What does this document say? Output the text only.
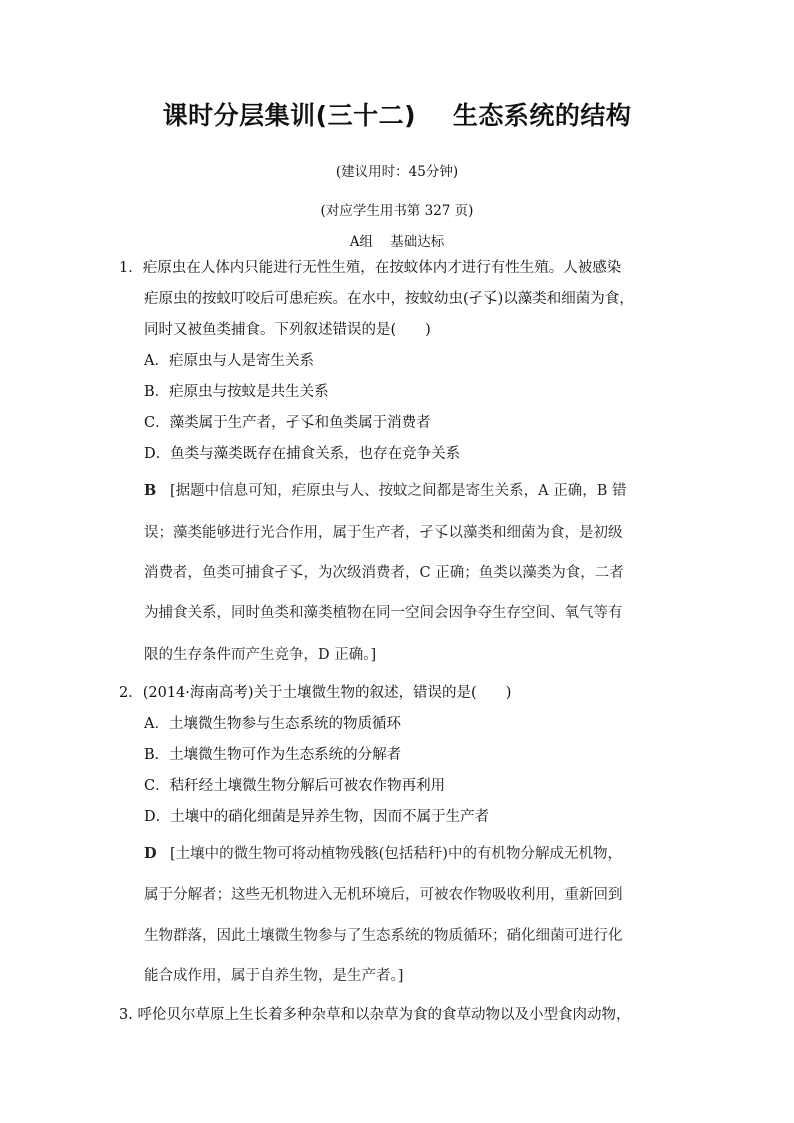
课时分层集训(三十二)    生态系统的结构
(建议用时：45分钟)
(对应学生用书第 327 页)
A组    基础达标
1．疟原虫在人体内只能进行无性生殖，在按蚊体内才进行有性生殖。人被感染
疟原虫的按蚊叮咬后可患疟疾。在水中，按蚊幼虫(孑孓)以藻类和细菌为食，
同时又被鱼类捕食。下列叙述错误的是(　　)
A．疟原虫与人是寄生关系
B．疟原虫与按蚊是共生关系
C．藻类属于生产者，孑孓和鱼类属于消费者
D．鱼类与藻类既存在捕食关系，也存在竞争关系
B [据题中信息可知，疟原虫与人、按蚊之间都是寄生关系，A 正确，B 错
误；藻类能够进行光合作用，属于生产者，孑孓以藻类和细菌为食，是初级
消费者，鱼类可捕食孑孓，为次级消费者，C 正确；鱼类以藻类为食，二者
为捕食关系，同时鱼类和藻类植物在同一空间会因争夺生存空间、氧气等有
限的生存条件而产生竞争，D 正确。]
2．(2014·海南高考)关于土壤微生物的叙述，错误的是(　　)
A．土壤微生物参与生态系统的物质循环
B．土壤微生物可作为生态系统的分解者
C．秸秆经土壤微生物分解后可被农作物再利用
D．土壤中的硝化细菌是异养生物，因而不属于生产者
D [土壤中的微生物可将动植物残骸(包括秸秆)中的有机物分解成无机物，
属于分解者；这些无机物进入无机环境后，可被农作物吸收利用，重新回到
生物群落，因此土壤微生物参与了生态系统的物质循环；硝化细菌可进行化
能合成作用，属于自养生物，是生产者。]
3. 呼伦贝尔草原上生长着多种杂草和以杂草为食的食草动物以及小型食肉动物，
